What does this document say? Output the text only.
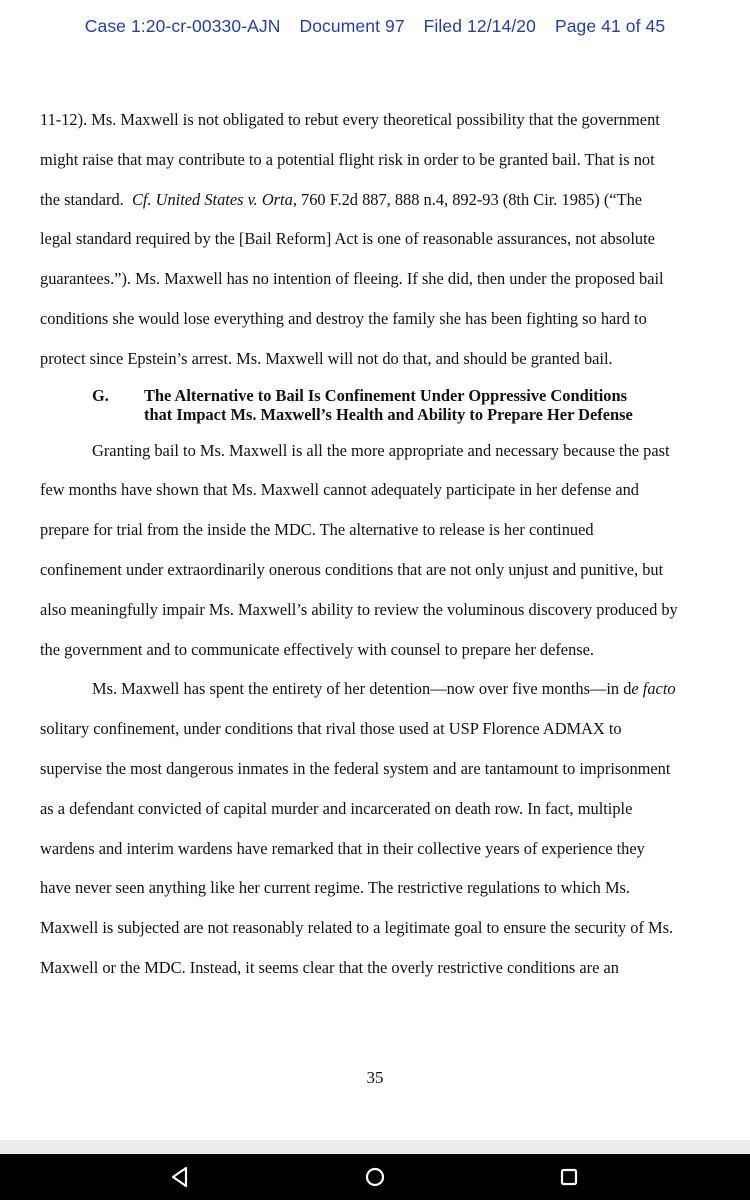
Case 1:20-cr-00330-AJN Document 97 Filed 12/14/20 Page 41 of 45
11-12). Ms. Maxwell is not obligated to rebut every theoretical possibility that the government
might raise that may contribute to a potential flight risk in order to be granted bail. That is not
the standard.  Cf. United States v. Orta, 760 F.2d 887, 888 n.4, 892-93 (8th Cir. 1985) (“The
legal standard required by the [Bail Reform] Act is one of reasonable assurances, not absolute
guarantees.”). Ms. Maxwell has no intention of fleeing. If she did, then under the proposed bail
conditions she would lose everything and destroy the family she has been fighting so hard to
protect since Epstein’s arrest. Ms. Maxwell will not do that, and should be granted bail.
G. The Alternative to Bail Is Confinement Under Oppressive Conditions
that Impact Ms. Maxwell’s Health and Ability to Prepare Her Defense
Granting bail to Ms. Maxwell is all the more appropriate and necessary because the past
few months have shown that Ms. Maxwell cannot adequately participate in her defense and
prepare for trial from the inside the MDC. The alternative to release is her continued
confinement under extraordinarily onerous conditions that are not only unjust and punitive, but
also meaningfully impair Ms. Maxwell’s ability to review the voluminous discovery produced by
the government and to communicate effectively with counsel to prepare her defense.
Ms. Maxwell has spent the entirety of her detention—now over five months—in de facto
solitary confinement, under conditions that rival those used at USP Florence ADMAX to
supervise the most dangerous inmates in the federal system and are tantamount to imprisonment
as a defendant convicted of capital murder and incarcerated on death row. In fact, multiple
wardens and interim wardens have remarked that in their collective years of experience they
have never seen anything like her current regime. The restrictive regulations to which Ms.
Maxwell is subjected are not reasonably related to a legitimate goal to ensure the security of Ms.
Maxwell or the MDC. Instead, it seems clear that the overly restrictive conditions are an
35
